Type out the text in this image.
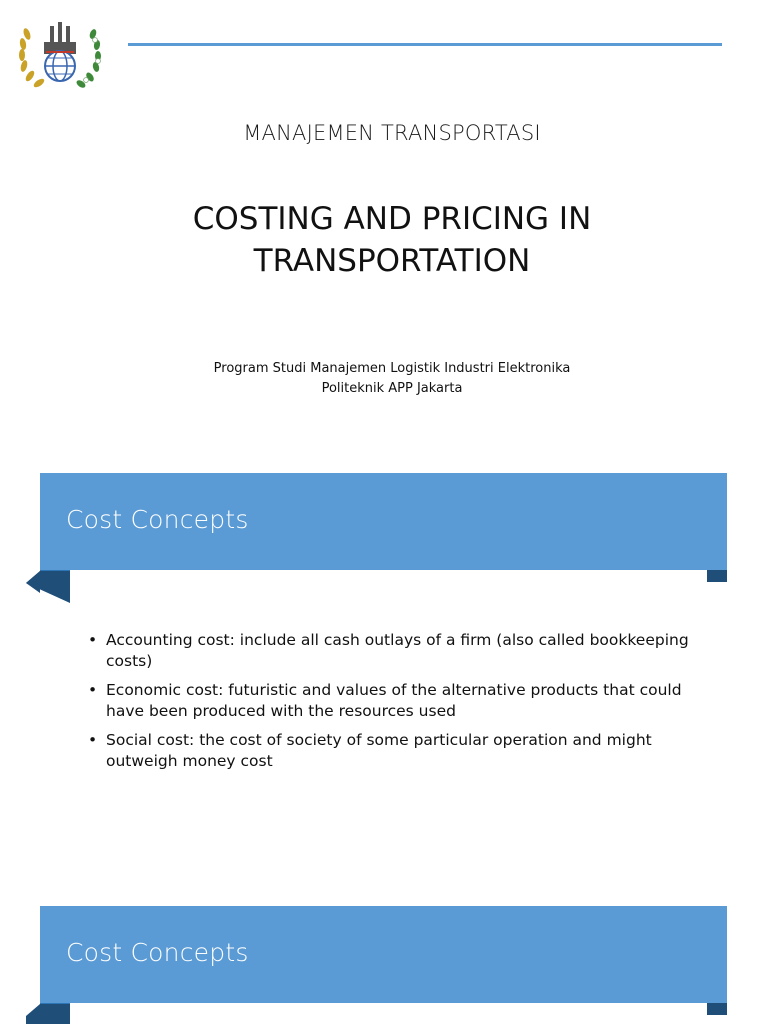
MANAJEMEN TRANSPORTASI
COSTING AND PRICING IN
TRANSPORTATION
Program Studi Manajemen Logistik Industri Elektronika
Politeknik APP Jakarta
Cost Concepts
• Accounting cost: include all cash outlays of a firm (also called bookkeeping costs)
• Economic cost: futuristic and values of the alternative products that could have been produced with the resources used
• Social cost: the cost of society of some particular operation and might outweigh money cost
Cost Concepts
